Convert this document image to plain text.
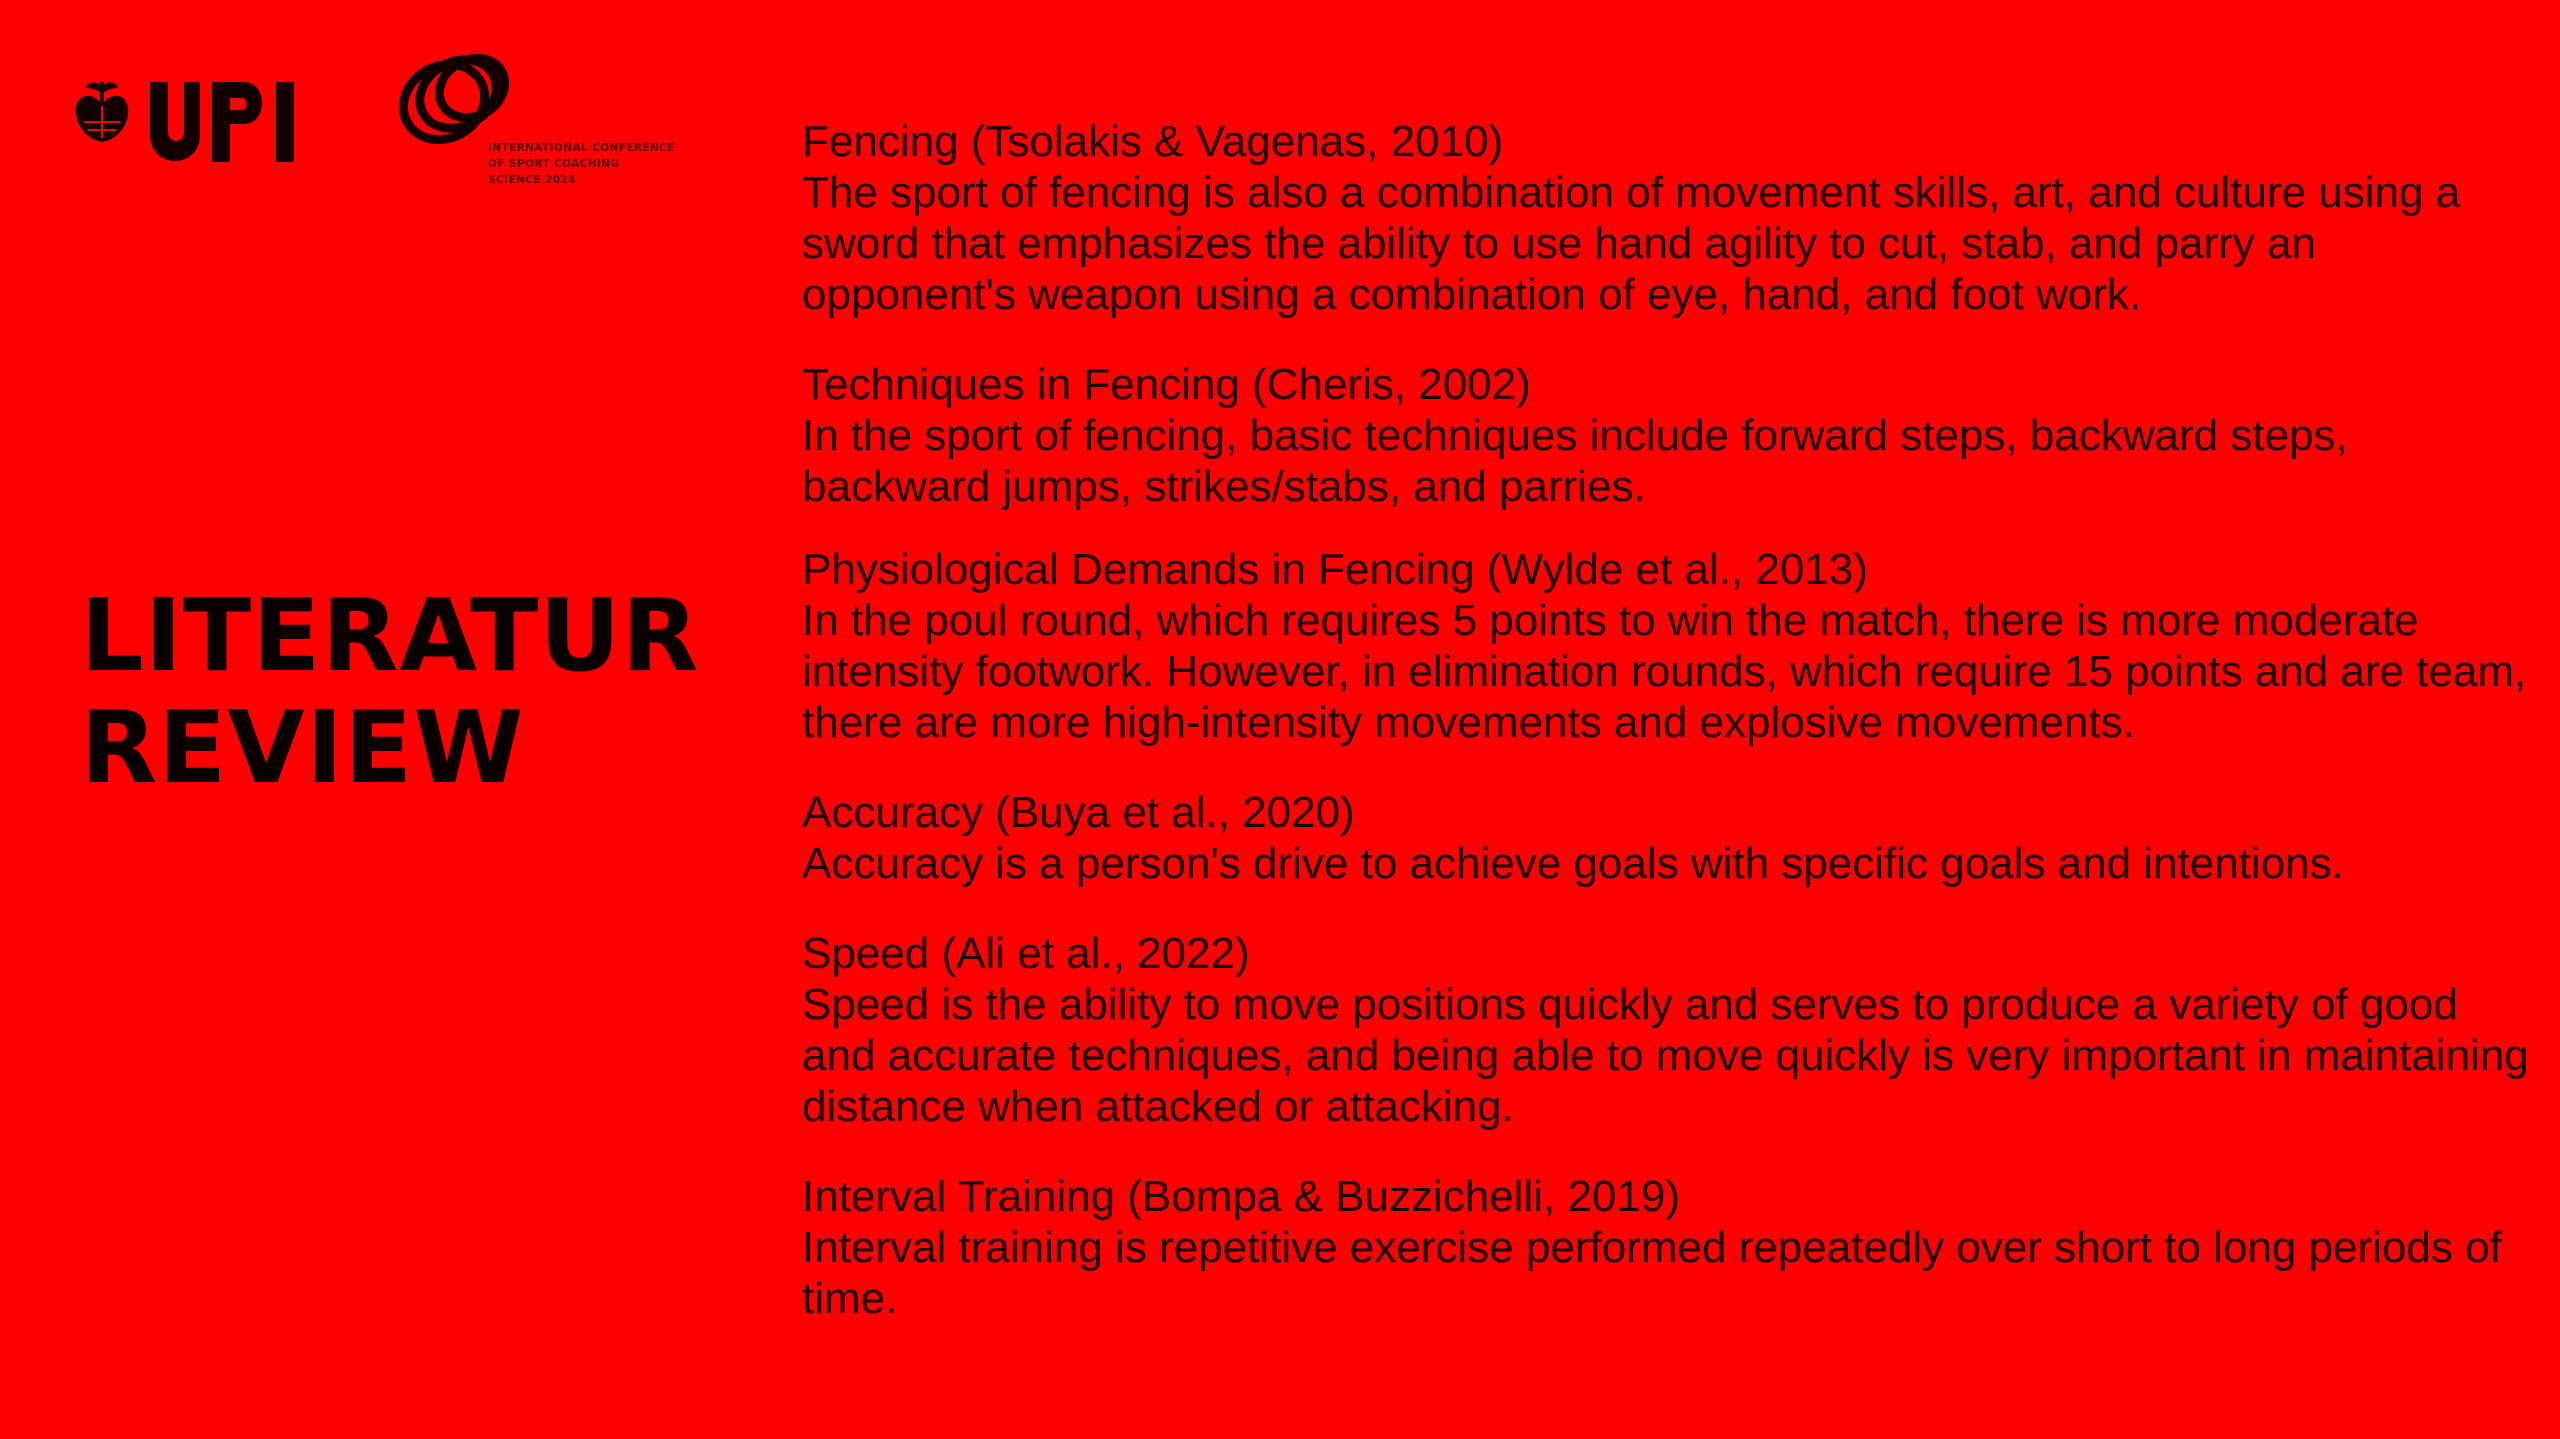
INTERNATIONAL CONFERENCE
OF SPORT COACHING
SCIENCE 2024
LITERATUR
REVIEW
Fencing (Tsolakis & Vagenas, 2010)
The sport of fencing is also a combination of movement skills, art, and culture using a sword that emphasizes the ability to use hand agility to cut, stab, and parry an opponent's weapon using a combination of eye, hand, and foot work.
Techniques in Fencing (Cheris, 2002)
In the sport of fencing, basic techniques include forward steps, backward steps, backward jumps, strikes/stabs, and parries.
Physiological Demands in Fencing (Wylde et al., 2013)
In the poul round, which requires 5 points to win the match, there is more moderate intensity footwork. However, in elimination rounds, which require 15 points and are team, there are more high-intensity movements and explosive movements.
Accuracy (Buya et al., 2020)
Accuracy is a person's drive to achieve goals with specific goals and intentions.
Speed (Ali et al., 2022)
Speed is the ability to move positions quickly and serves to produce a variety of good and accurate techniques, and being able to move quickly is very important in maintaining distance when attacked or attacking.
Interval Training (Bompa & Buzzichelli, 2019)
Interval training is repetitive exercise performed repeatedly over short to long periods of time.
